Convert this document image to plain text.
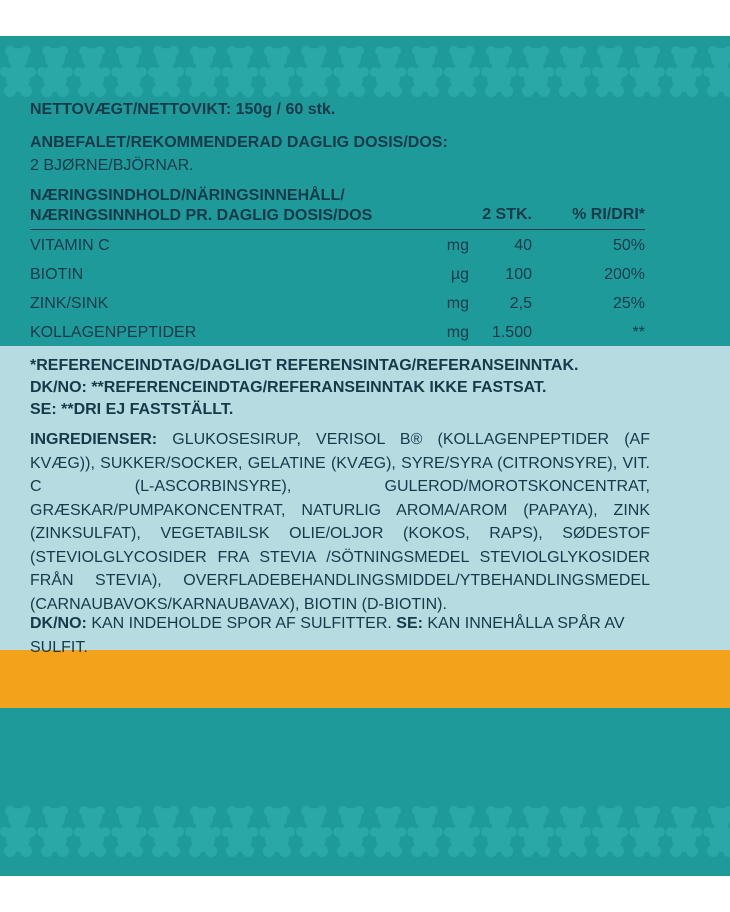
NETTOVÆGT/NETTOVIKT: 150g / 60 stk.
ANBEFALET/REKOMMENDERAD DAGLIG DOSIS/DOS:
2 BJØRNE/BJÖRNAR.
NÆRINGSINDHOLD/NÄRINGSINNEHÅLL/
NÆRINGSINNHOLD PR. DAGLIG DOSIS/DOS	2 STK.	% RI/DRI*
VITAMIN C	mg	40	50%
BIOTIN	µg 100	200%
ZINK/SINK	mg	2,5	25%
KOLLAGENPEPTIDER	mg 1.500	**
*REFERENCEINDTAG/DAGLIGT REFERENSINTAG/REFERANSEINNTAK.
DK/NO: **REFERENCEINDTAG/REFERANSEINNTAK IKKE FASTSAT.
SE: **DRI EJ FASTSTÄLLT.
INGREDIENSER: GLUKOSESIRUP, VERISOL B® (KOLLAGENPEPTIDER (AF KVÆG)), SUKKER/SOCKER, GELATINE (KVÆG), SYRE/SYRA (CITRONSYRE), VIT. C (L-ASCORBINSYRE), GULEROD/MOROTSKONCENTRAT, GRÆSKAR/PUMPAKONCENTRAT, NATURLIG AROMA/AROM (PAPAYA), ZINK (ZINKSULFAT), VEGETABILSK OLIE/OLJOR (KOKOS, RAPS), SØDESTOF (STEVIOLGLYCOSIDER FRA STEVIA /SÖTNINGSMEDEL STEVIOLGLYKOSIDER FRÅN STEVIA), OVERFLADEBEHANDLINGSMIDDEL/YTBEHANDLINGSMEDEL (CARNAUBAVOKS/KARNAUBAVAX), BIOTIN (D-BIOTIN).
DK/NO: KAN INDEHOLDE SPOR AF SULFITTER. SE: KAN INNEHÅLLA SPÅR AV SULFIT.
